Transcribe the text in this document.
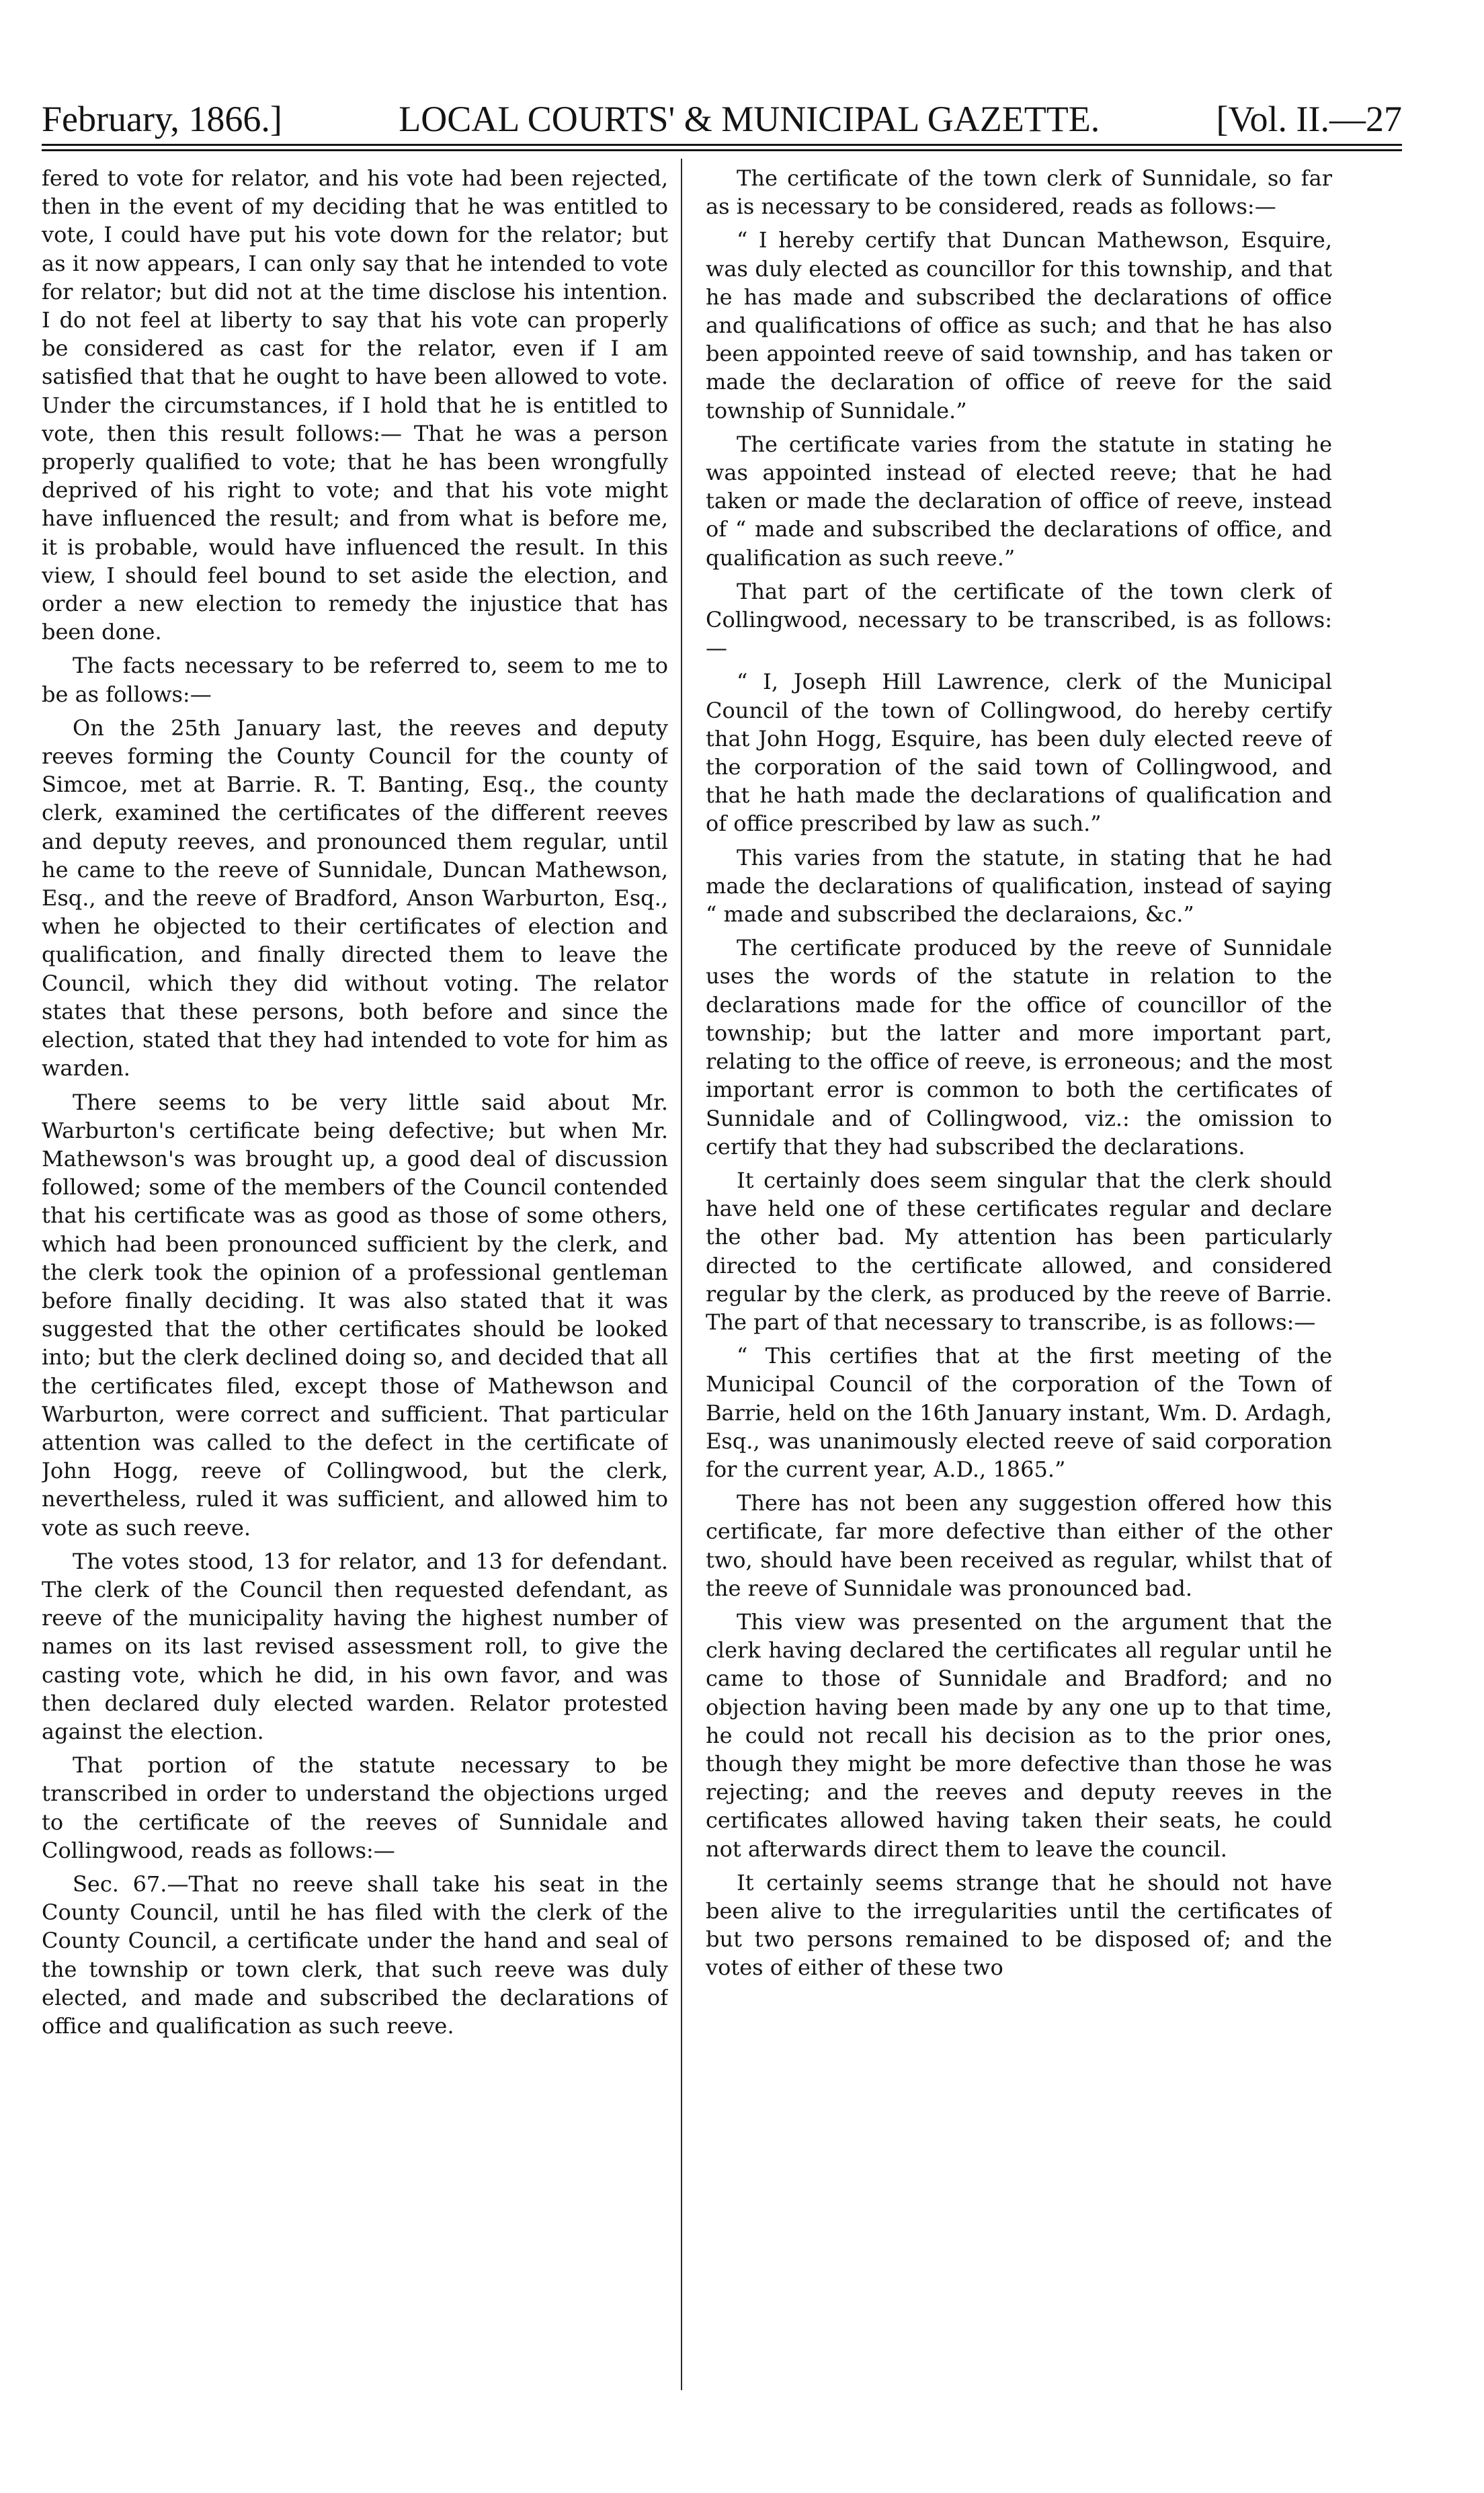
February, 1866.]	LOCAL COURTS' & MUNICIPAL GAZETTE.	[Vol. II.—27

fered to vote for relator, and his vote had been rejected, then in the event of my deciding that he was entitled to vote, I could have put his vote down for the relator; but as it now appears, I can only say that he intended to vote for relator; but did not at the time disclose his intention. I do not feel at liberty to say that his vote can properly be considered as cast for the relator, even if I am satisfied that that he ought to have been allowed to vote. Under the circumstances, if I hold that he is entitled to vote, then this result follows:— That he was a person properly qualified to vote; that he has been wrongfully deprived of his right to vote; and that his vote might have influenced the result; and from what is before me, it is probable, would have influenced the result. In this view, I should feel bound to set aside the election, and order a new election to remedy the injustice that has been done.

The facts necessary to be referred to, seem to me to be as follows:—

On the 25th January last, the reeves and deputy reeves forming the County Council for the county of Simcoe, met at Barrie. R. T. Banting, Esq., the county clerk, examined the certificates of the different reeves and deputy reeves, and pronounced them regular, until he came to the reeve of Sunnidale, Duncan Mathewson, Esq., and the reeve of Bradford, Anson Warburton, Esq., when he objected to their certificates of election and qualification, and finally directed them to leave the Council, which they did without voting. The relator states that these persons, both before and since the election, stated that they had intended to vote for him as warden.

There seems to be very little said about Mr. Warburton's certificate being defective; but when Mr. Mathewson's was brought up, a good deal of discussion followed; some of the members of the Council contended that his certificate was as good as those of some others, which had been pronounced sufficient by the clerk, and the clerk took the opinion of a professional gentleman before finally deciding. It was also stated that it was suggested that the other certificates should be looked into; but the clerk declined doing so, and decided that all the certificates filed, except those of Mathewson and Warburton, were correct and sufficient. That particular attention was called to the defect in the certificate of John Hogg, reeve of Collingwood, but the clerk, nevertheless, ruled it was sufficient, and allowed him to vote as such reeve.

The votes stood, 13 for relator, and 13 for defendant. The clerk of the Council then requested defendant, as reeve of the municipality having the highest number of names on its last revised assessment roll, to give the casting vote, which he did, in his own favor, and was then declared duly elected warden. Relator protested against the election.

That portion of the statute necessary to be transcribed in order to understand the objections urged to the certificate of the reeves of Sunnidale and Collingwood, reads as follows:—

Sec. 67.—That no reeve shall take his seat in the County Council, until he has filed with the clerk of the County Council, a certificate under the hand and seal of the township or town clerk, that such reeve was duly elected, and made and subscribed the declarations of office and qualification as such reeve.

The certificate of the town clerk of Sunnidale, so far as is necessary to be considered, reads as follows:—

“ I hereby certify that Duncan Mathewson, Esquire, was duly elected as councillor for this township, and that he has made and subscribed the declarations of office and qualifications of office as such; and that he has also been appointed reeve of said township, and has taken or made the declaration of office of reeve for the said township of Sunnidale.”

The certificate varies from the statute in stating he was appointed instead of elected reeve; that he had taken or made the declaration of office of reeve, instead of “ made and subscribed the declarations of office, and qualification as such reeve.”

That part of the certificate of the town clerk of Collingwood, necessary to be transcribed, is as follows:—

“ I, Joseph Hill Lawrence, clerk of the Municipal Council of the town of Collingwood, do hereby certify that John Hogg, Esquire, has been duly elected reeve of the corporation of the said town of Collingwood, and that he hath made the declarations of qualification and of office prescribed by law as such.”

This varies from the statute, in stating that he had made the declarations of qualification, instead of saying “ made and subscribed the declaraions, &c.”

The certificate produced by the reeve of Sunnidale uses the words of the statute in relation to the declarations made for the office of councillor of the township; but the latter and more important part, relating to the office of reeve, is erroneous; and the most important error is common to both the certificates of Sunnidale and of Collingwood, viz.: the omission to certify that they had subscribed the declarations.

It certainly does seem singular that the clerk should have held one of these certificates regular and declare the other bad. My attention has been particularly directed to the certificate allowed, and considered regular by the clerk, as produced by the reeve of Barrie. The part of that necessary to transcribe, is as follows:—

“ This certifies that at the first meeting of the Municipal Council of the corporation of the Town of Barrie, held on the 16th January instant, Wm. D. Ardagh, Esq., was unanimously elected reeve of said corporation for the current year, A.D., 1865.”

There has not been any suggestion offered how this certificate, far more defective than either of the other two, should have been received as regular, whilst that of the reeve of Sunnidale was pronounced bad.

This view was presented on the argument that the clerk having declared the certificates all regular until he came to those of Sunnidale and Bradford; and no objection having been made by any one up to that time, he could not recall his decision as to the prior ones, though they might be more defective than those he was rejecting; and the reeves and deputy reeves in the certificates allowed having taken their seats, he could not afterwards direct them to leave the council.

It certainly seems strange that he should not have been alive to the irregularities until the certificates of but two persons remained to be disposed of; and the votes of either of these two
